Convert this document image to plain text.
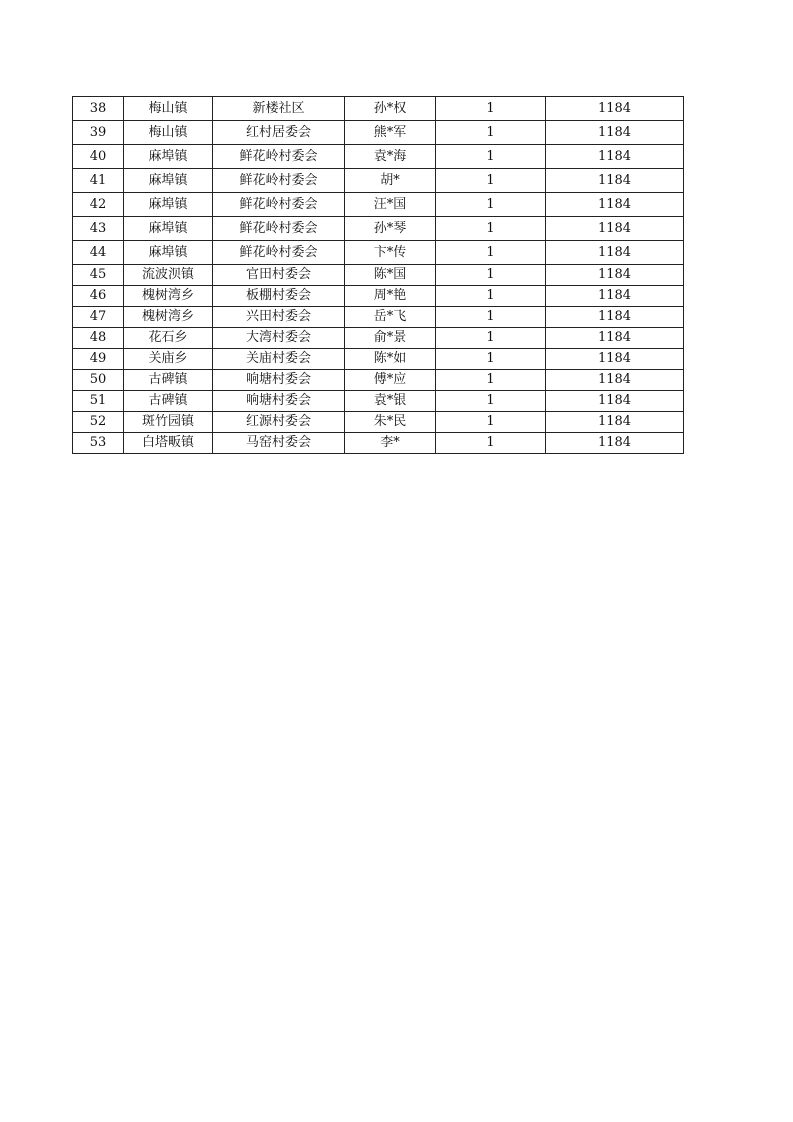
38	梅山镇	新楼社区	孙*权	1	1184
39	梅山镇	红村居委会	熊*军	1	1184
40	麻埠镇	鲜花岭村委会	袁*海	1	1184
41	麻埠镇	鲜花岭村委会	胡*	1	1184
42	麻埠镇	鲜花岭村委会	汪*国	1	1184
43	麻埠镇	鲜花岭村委会	孙*琴	1	1184
44	麻埠镇	鲜花岭村委会	卞*传	1	1184
45	流波𬇙镇	官田村委会	陈*国	1	1184
46	槐树湾乡	板棚村委会	周*艳	1	1184
47	槐树湾乡	兴田村委会	岳*飞	1	1184
48	花石乡	大湾村委会	俞*景	1	1184
49	关庙乡	关庙村委会	陈*如	1	1184
50	古碑镇	响塘村委会	傅*应	1	1184
51	古碑镇	响塘村委会	袁*银	1	1184
52	斑竹园镇	红源村委会	朱*民	1	1184
53	白塔畈镇	马窑村委会	李*	1	1184
